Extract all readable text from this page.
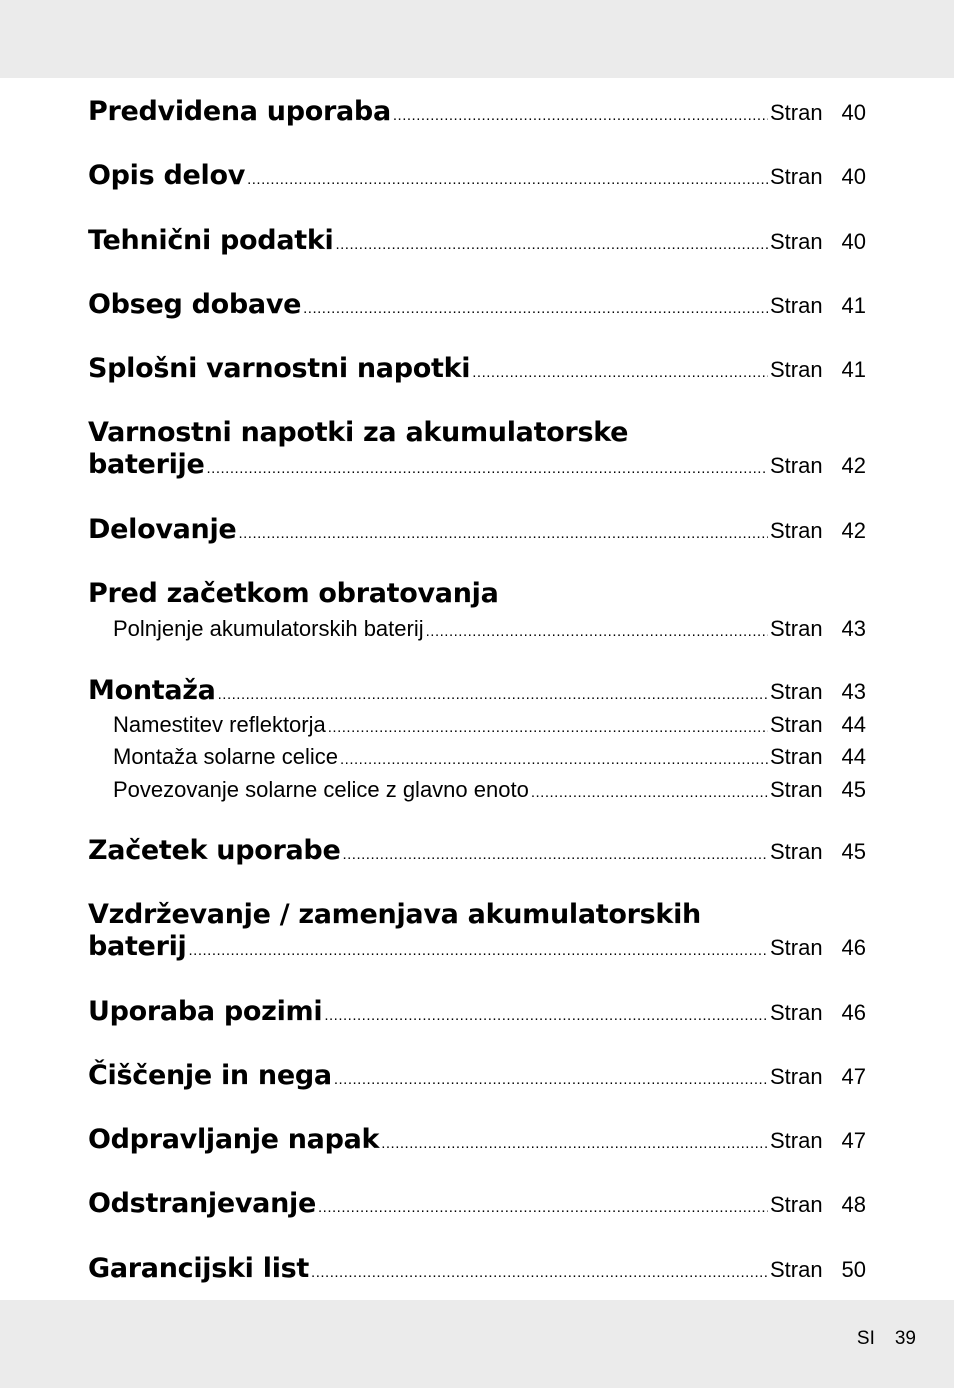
Predvidena uporaba .....	Stran 40
Opis delov .....	Stran 40
Tehnični podatki .....	Stran 40
Obseg dobave .....	Stran 41
Splošni varnostni napotki .....	Stran 41
Varnostni napotki za akumulatorske
baterije .....	Stran 42
Delovanje .....	Stran 42
Pred začetkom obratovanja
Polnjenje akumulatorskih baterij .....	Stran 43
Montaža .....	Stran 43
Namestitev reflektorja .....	Stran 44
Montaža solarne celice .....	Stran 44
Povezovanje solarne celice z glavno enoto .....	Stran 45
Začetek uporabe .....	Stran 45
Vzdrževanje / zamenjava akumulatorskih
baterij .....	Stran 46
Uporaba pozimi .....	Stran 46
Čiščenje in nega .....	Stran 47
Odpravljanje napak .....	Stran 47
Odstranjevanje .....	Stran 48
Garancijski list .....	Stran 50
SI 39
